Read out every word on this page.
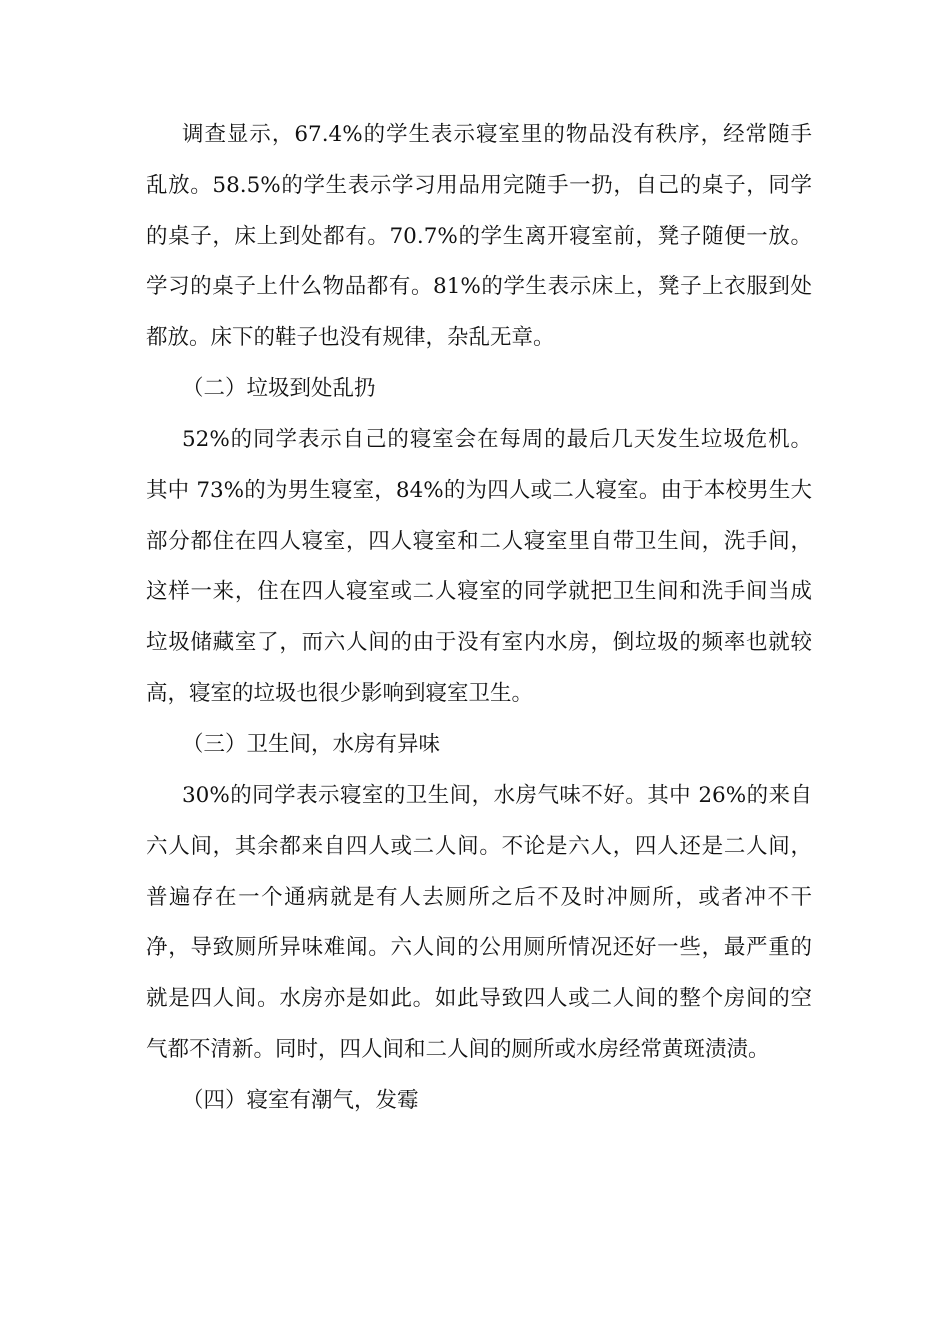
调查显示，67.4%的学生表示寝室里的物品没有秩序，经常随手
乱放。58.5%的学生表示学习用品用完随手一扔，自己的桌子，同学
的桌子，床上到处都有。70.7%的学生离开寝室前，凳子随便一放。
学习的桌子上什么物品都有。81%的学生表示床上，凳子上衣服到处
都放。床下的鞋子也没有规律，杂乱无章。
（二）垃圾到处乱扔
52%的同学表示自己的寝室会在每周的最后几天发生垃圾危机。
其中 73%的为男生寝室，84%的为四人或二人寝室。由于本校男生大
部分都住在四人寝室，四人寝室和二人寝室里自带卫生间，洗手间，
这样一来，住在四人寝室或二人寝室的同学就把卫生间和洗手间当成
垃圾储藏室了，而六人间的由于没有室内水房，倒垃圾的频率也就较
高，寝室的垃圾也很少影响到寝室卫生。
（三）卫生间，水房有异味
30%的同学表示寝室的卫生间，水房气味不好。其中 26%的来自
六人间，其余都来自四人或二人间。不论是六人，四人还是二人间，
普遍存在一个通病就是有人去厕所之后不及时冲厕所，或者冲不干
净，导致厕所异味难闻。六人间的公用厕所情况还好一些，最严重的
就是四人间。水房亦是如此。如此导致四人或二人间的整个房间的空
气都不清新。同时，四人间和二人间的厕所或水房经常黄斑渍渍。
（四）寝室有潮气，发霉
